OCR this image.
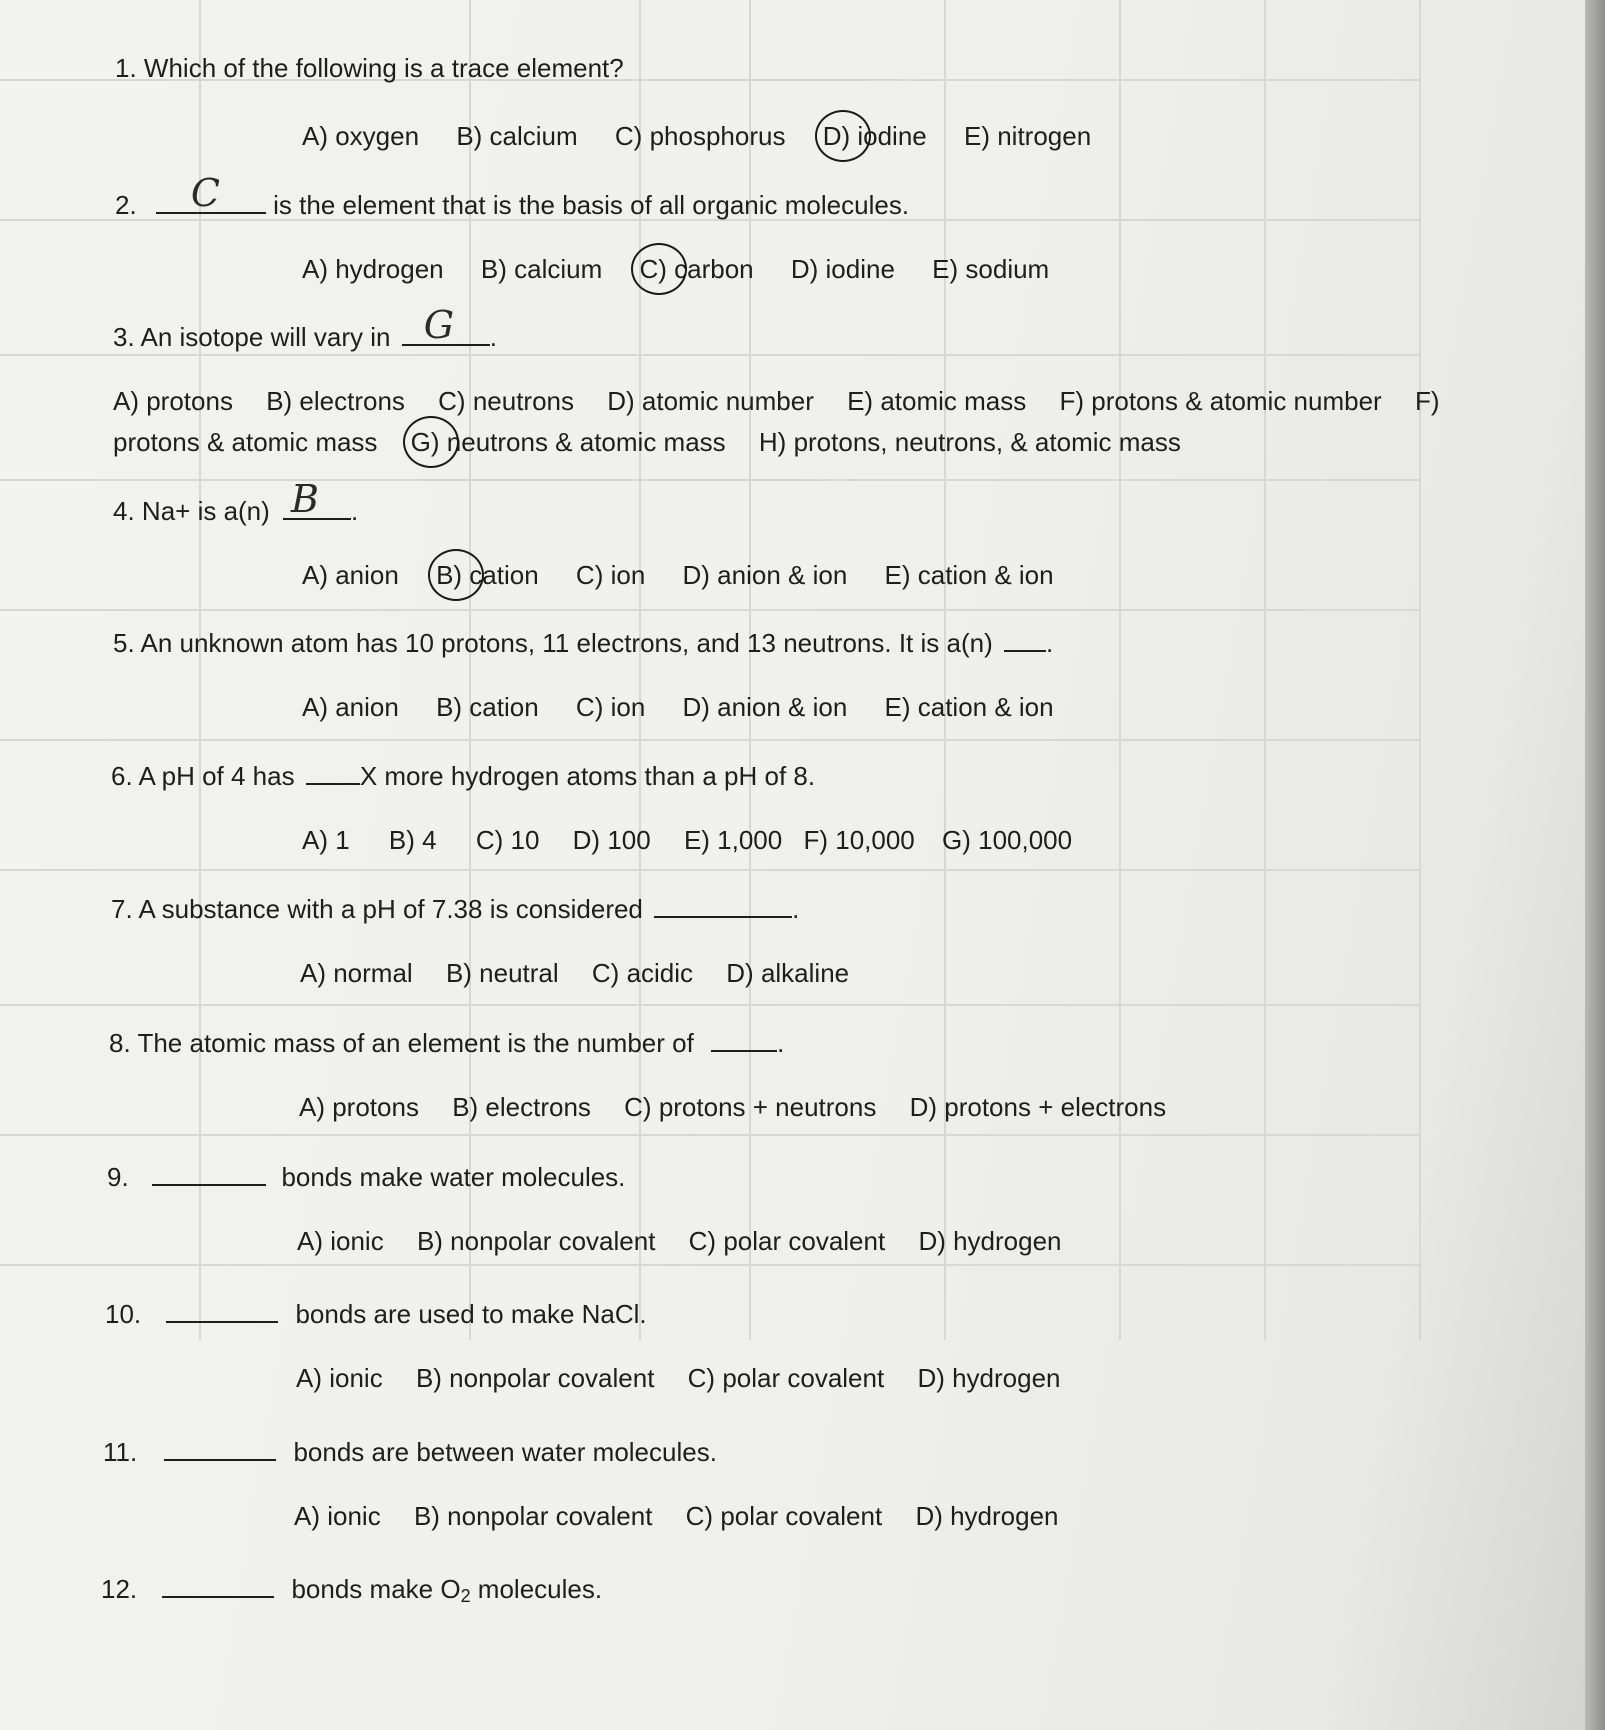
1. Which of the following is a trace element?
A) oxygen B) calcium C) phosphorus D) iodine E) nitrogen
2. C is the element that is the basis of all organic molecules.
A) hydrogen B) calcium C) carbon D) iodine E) sodium
3. An isotope will vary in G .
A) protons B) electrons C) neutrons D) atomic number E) atomic mass F) protons & atomic number F)
protons & atomic mass G) neutrons & atomic mass H) protons, neutrons, & atomic mass
4. Na+ is a(n) B .
A) anion B) cation C) ion D) anion & ion E) cation & ion
5. An unknown atom has 10 protons, 11 electrons, and 13 neutrons. It is a(n) .
A) anion B) cation C) ion D) anion & ion E) cation & ion
6. A pH of 4 has	X more hydrogen atoms than a pH of 8.
A) 1 B) 4 C) 10 D) 100 E) 1,000 F) 10,000 G) 100,000
7. A substance with a pH of 7.38 is considered	.
A) normal B) neutral C) acidic D) alkaline
8. The atomic mass of an element is the number of	.
A) protons B) electrons C) protons + neutrons D) protons + electrons
9.	bonds make water molecules.
A) ionic B) nonpolar covalent C) polar covalent D) hydrogen
10.	bonds are used to make NaCl.
A) ionic B) nonpolar covalent C) polar covalent D) hydrogen
11.	bonds are between water molecules.
A) ionic B) nonpolar covalent C) polar covalent D) hydrogen
12.	bonds make $O_2$ molecules.
